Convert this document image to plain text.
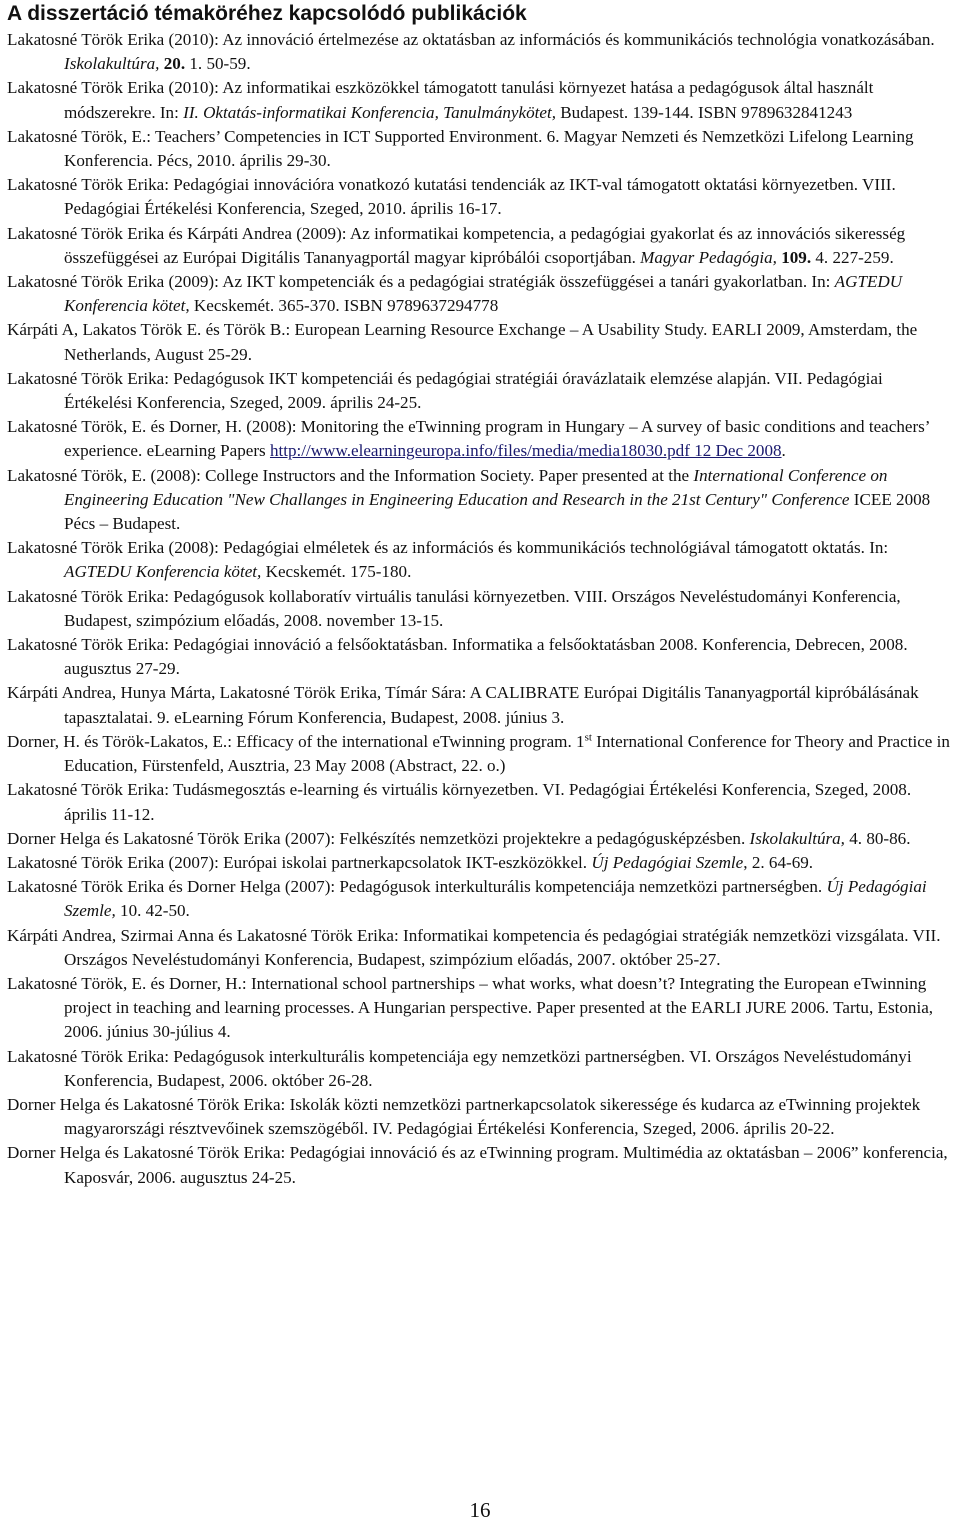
A disszertáció témaköréhez kapcsolódó publikációk

Lakatosné Török Erika (2010): Az innováció értelmezése az oktatásban az információs és kommunikációs technológia vonatkozásában. Iskolakultúra, 20. 1. 50-59.

Lakatosné Török Erika (2010): Az informatikai eszközökkel támogatott tanulási környezet hatása a pedagógusok által használt módszerekre. In: II. Oktatás-informatikai Konferencia, Tanulmánykötet, Budapest. 139-144. ISBN 9789632841243

Lakatosné Török, E.: Teachers’ Competencies in ICT Supported Environment. 6. Magyar Nemzeti és Nemzetközi Lifelong Learning Konferencia. Pécs, 2010. április 29-30.

Lakatosné Török Erika: Pedagógiai innovációra vonatkozó kutatási tendenciák az IKT-val támogatott oktatási környezetben. VIII. Pedagógiai Értékelési Konferencia, Szeged, 2010. április 16-17.

Lakatosné Török Erika és Kárpáti Andrea (2009): Az informatikai kompetencia, a pedagógiai gyakorlat és az innovációs sikeresség összefüggései az Európai Digitális Tananyagportál magyar kipróbálói csoportjában. Magyar Pedagógia, 109. 4. 227-259.

Lakatosné Török Erika (2009): Az IKT kompetenciák és a pedagógiai stratégiák összefüggései a tanári gyakorlatban. In: AGTEDU Konferencia kötet, Kecskemét. 365-370. ISBN 9789637294778

Kárpáti A, Lakatos Török E. és Török B.: European Learning Resource Exchange – A Usability Study. EARLI 2009, Amsterdam, the Netherlands, August 25-29.

Lakatosné Török Erika: Pedagógusok IKT kompetenciái és pedagógiai stratégiái óravázlataik elemzése alapján. VII. Pedagógiai Értékelési Konferencia, Szeged, 2009. április 24-25.

Lakatosné Török, E. és Dorner, H. (2008): Monitoring the eTwinning program in Hungary – A survey of basic conditions and teachers’ experience. eLearning Papers http://www.elearningeuropa.info/files/media/media18030.pdf 12 Dec 2008.

Lakatosné Török, E. (2008): College Instructors and the Information Society. Paper presented at the International Conference on Engineering Education "New Challanges in Engineering Education and Research in the 21st Century" Conference ICEE 2008 Pécs – Budapest.

Lakatosné Török Erika (2008): Pedagógiai elméletek és az információs és kommunikációs technológiával támogatott oktatás. In: AGTEDU Konferencia kötet, Kecskemét. 175-180.

Lakatosné Török Erika: Pedagógusok kollaboratív virtuális tanulási környezetben. VIII. Országos Neveléstudományi Konferencia, Budapest, szimpózium előadás, 2008. november 13-15.

Lakatosné Török Erika: Pedagógiai innováció a felsőoktatásban. Informatika a felsőoktatásban 2008. Konferencia, Debrecen, 2008. augusztus 27-29.

Kárpáti Andrea, Hunya Márta, Lakatosné Török Erika, Tímár Sára: A CALIBRATE Európai Digitális Tananyagportál kipróbálásának tapasztalatai. 9. eLearning Fórum Konferencia, Budapest, 2008. június 3.

Dorner, H. és Török-Lakatos, E.: Efficacy of the international eTwinning program. 1st International Conference for Theory and Practice in Education, Fürstenfeld, Ausztria, 23 May 2008 (Abstract, 22. o.)

Lakatosné Török Erika: Tudásmegosztás e-learning és virtuális környezetben. VI. Pedagógiai Értékelési Konferencia, Szeged, 2008. április 11-12.

Dorner Helga és Lakatosné Török Erika (2007): Felkészítés nemzetközi projektekre a pedagógusképzésben. Iskolakultúra, 4. 80-86.

Lakatosné Török Erika (2007): Európai iskolai partnerkapcsolatok IKT-eszközökkel. Új Pedagógiai Szemle, 2. 64-69.

Lakatosné Török Erika és Dorner Helga (2007): Pedagógusok interkulturális kompetenciája nemzetközi partnerségben. Új Pedagógiai Szemle, 10. 42-50.

Kárpáti Andrea, Szirmai Anna és Lakatosné Török Erika: Informatikai kompetencia és pedagógiai stratégiák nemzetközi vizsgálata. VII. Országos Neveléstudományi Konferencia, Budapest, szimpózium előadás, 2007. október 25-27.

Lakatosné Török, E. és Dorner, H.: International school partnerships – what works, what doesn’t? Integrating the European eTwinning project in teaching and learning processes. A Hungarian perspective. Paper presented at the EARLI JURE 2006. Tartu, Estonia, 2006. június 30-július 4.

Lakatosné Török Erika: Pedagógusok interkulturális kompetenciája egy nemzetközi partnerségben. VI. Országos Neveléstudományi Konferencia, Budapest, 2006. október 26-28.

Dorner Helga és Lakatosné Török Erika: Iskolák közti nemzetközi partnerkapcsolatok sikeressége és kudarca az eTwinning projektek magyarországi résztvevőinek szemszögéből. IV. Pedagógiai Értékelési Konferencia, Szeged, 2006. április 20-22.

Dorner Helga és Lakatosné Török Erika: Pedagógiai innováció és az eTwinning program. Multimédia az oktatásban – 2006” konferencia, Kaposvár, 2006. augusztus 24-25.

16
